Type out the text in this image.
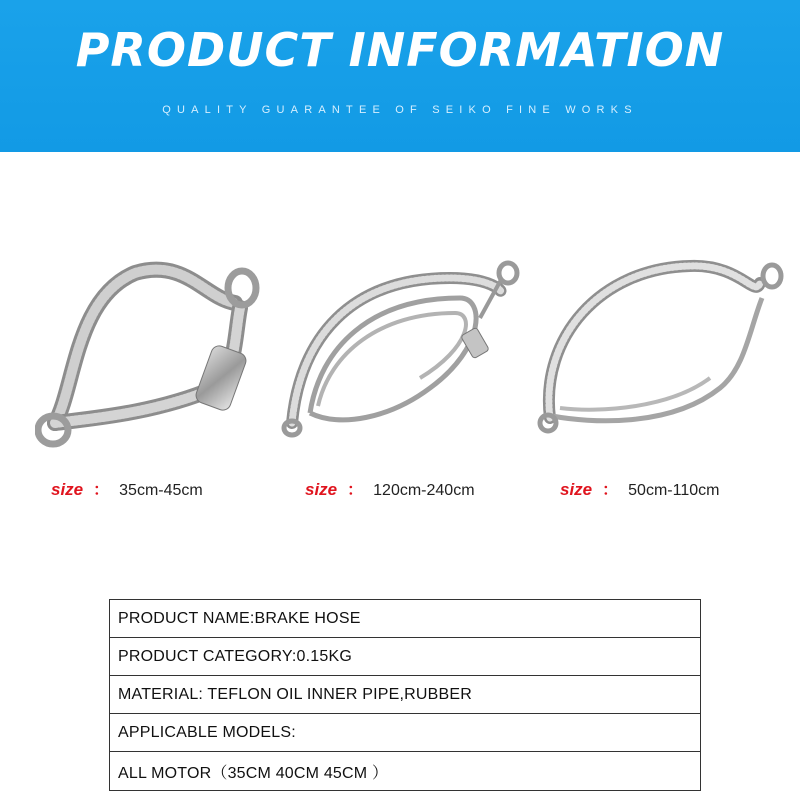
PRODUCT INFORMATION
QUALITY GUARANTEE OF SEIKO FINE WORKS
size ： 35cm-45cm	size ： 120cm-240cm	size ： 50cm-110cm
PRODUCT NAME:BRAKE HOSE
PRODUCT CATEGORY:0.15KG
MATERIAL: TEFLON OIL INNER PIPE,RUBBER
APPLICABLE MODELS:
ALL MOTOR（35CM 40CM 45CM ）
